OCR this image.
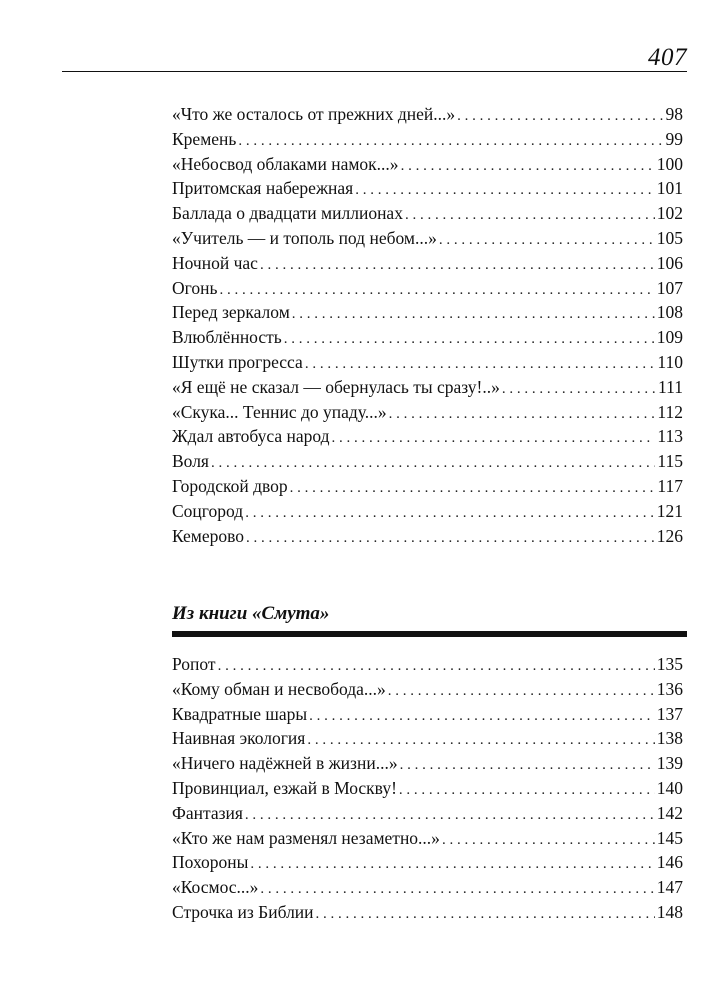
407
«Что же осталось от прежних дней...» . . .	98
Кремень . . .	99
«Небосвод облаками намок...» . . .	100
Притомская набережная . . .	101
Баллада о двадцати миллионах . . .	102
«Учитель — и тополь под небом...» . . .	105
Ночной час . . .	106
Огонь . . .	107
Перед зеркалом . . .	108
Влюблённость . . .	109
Шутки прогресса . . .	110
«Я ещё не сказал — обернулась ты сразу!..» . . .	111
«Скука... Теннис до упаду...» . . .	112
Ждал автобуса народ . . .	113
Воля . . .	115
Городской двор . . .	117
Соцгород . . .	121
Кемерово . . .	126
Из книги «Смута»
Ропот . . .	135
«Кому обман и несвобода...» . . .	136
Квадратные шары . . .	137
Наивная экология . . .	138
«Ничего надёжней в жизни...» . . .	139
Провинциал, езжай в Москву! . . .	140
Фантазия . . .	142
«Кто же нам разменял незаметно...» . . .	145
Похороны . . .	146
«Космос...» . . .	147
Строчка из Библии . . .	148
